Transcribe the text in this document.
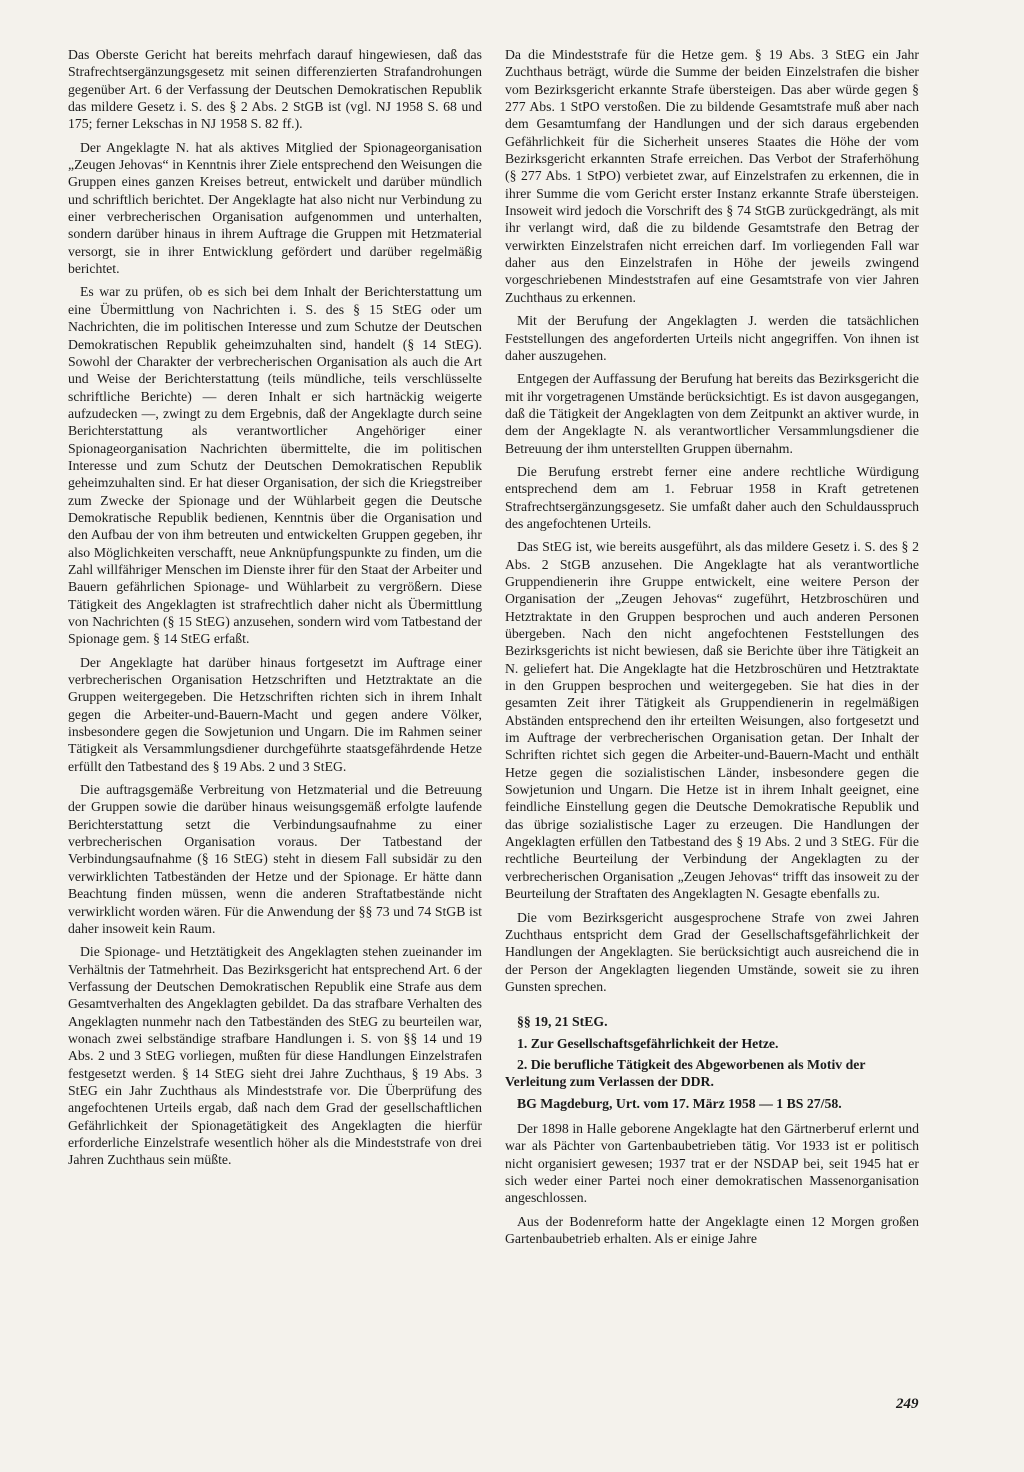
Das Oberste Gericht hat bereits mehrfach darauf hingewiesen, daß das Strafrechtsergänzungsgesetz mit seinen differenzierten Strafandrohungen gegenüber Art. 6 der Verfassung der Deutschen Demokratischen Republik das mildere Gesetz i. S. des § 2 Abs. 2 StGB ist (vgl. NJ 1958 S. 68 und 175; ferner Lekschas in NJ 1958 S. 82 ff.).

Der Angeklagte N. hat als aktives Mitglied der Spionageorganisation „Zeugen Jehovas“ in Kenntnis ihrer Ziele entsprechend den Weisungen die Gruppen eines ganzen Kreises betreut, entwickelt und darüber mündlich und schriftlich berichtet. Der Angeklagte hat also nicht nur Verbindung zu einer verbrecherischen Organisation aufgenommen und unterhalten, sondern darüber hinaus in ihrem Auftrage die Gruppen mit Hetzmaterial versorgt, sie in ihrer Entwicklung gefördert und darüber regelmäßig berichtet.

Es war zu prüfen, ob es sich bei dem Inhalt der Berichterstattung um eine Übermittlung von Nachrichten i. S. des § 15 StEG oder um Nachrichten, die im politischen Interesse und zum Schutze der Deutschen Demokratischen Republik geheimzuhalten sind, handelt (§ 14 StEG). Sowohl der Charakter der verbrecherischen Organisation als auch die Art und Weise der Berichterstattung (teils mündliche, teils verschlüsselte schriftliche Berichte) — deren Inhalt er sich hartnäckig weigerte aufzudecken —, zwingt zu dem Ergebnis, daß der Angeklagte durch seine Berichterstattung als verantwortlicher Angehöriger einer Spionageorganisation Nachrichten übermittelte, die im politischen Interesse und zum Schutz der Deutschen Demokratischen Republik geheimzuhalten sind. Er hat dieser Organisation, der sich die Kriegstreiber zum Zwecke der Spionage und der Wühlarbeit gegen die Deutsche Demokratische Republik bedienen, Kenntnis über die Organisation und den Aufbau der von ihm betreuten und entwickelten Gruppen gegeben, ihr also Möglichkeiten verschafft, neue Anknüpfungspunkte zu finden, um die Zahl willfähriger Menschen im Dienste ihrer für den Staat der Arbeiter und Bauern gefährlichen Spionage- und Wühlarbeit zu vergrößern. Diese Tätigkeit des Angeklagten ist strafrechtlich daher nicht als Übermittlung von Nachrichten (§ 15 StEG) anzusehen, sondern wird vom Tatbestand der Spionage gem. § 14 StEG erfaßt.

Der Angeklagte hat darüber hinaus fortgesetzt im Auftrage einer verbrecherischen Organisation Hetzschriften und Hetztraktate an die Gruppen weitergegeben. Die Hetzschriften richten sich in ihrem Inhalt gegen die Arbeiter-und-Bauern-Macht und gegen andere Völker, insbesondere gegen die Sowjetunion und Ungarn. Die im Rahmen seiner Tätigkeit als Versammlungsdiener durchgeführte staatsgefährdende Hetze erfüllt den Tatbestand des § 19 Abs. 2 und 3 StEG.

Die auftragsgemäße Verbreitung von Hetzmaterial und die Betreuung der Gruppen sowie die darüber hinaus weisungsgemäß erfolgte laufende Berichterstattung setzt die Verbindungsaufnahme zu einer verbrecherischen Organisation voraus. Der Tatbestand der Verbindungsaufnahme (§ 16 StEG) steht in diesem Fall subsidär zu den verwirklichten Tatbeständen der Hetze und der Spionage. Er hätte dann Beachtung finden müssen, wenn die anderen Straftatbestände nicht verwirklicht worden wären. Für die Anwendung der §§ 73 und 74 StGB ist daher insoweit kein Raum.

Die Spionage- und Hetztätigkeit des Angeklagten stehen zueinander im Verhältnis der Tatmehrheit. Das Bezirksgericht hat entsprechend Art. 6 der Verfassung der Deutschen Demokratischen Republik eine Strafe aus dem Gesamtverhalten des Angeklagten gebildet. Da das strafbare Verhalten des Angeklagten nunmehr nach den Tatbeständen des StEG zu beurteilen war, wonach zwei selbständige strafbare Handlungen i. S. von §§ 14 und 19 Abs. 2 und 3 StEG vorliegen, mußten für diese Handlungen Einzelstrafen festgesetzt werden. § 14 StEG sieht drei Jahre Zuchthaus, § 19 Abs. 3 StEG ein Jahr Zuchthaus als Mindeststrafe vor. Die Überprüfung des angefochtenen Urteils ergab, daß nach dem Grad der gesellschaftlichen Gefährlichkeit der Spionagetätigkeit des Angeklagten die hierfür erforderliche Einzelstrafe wesentlich höher als die Mindeststrafe von drei Jahren Zuchthaus sein müßte.

Da die Mindeststrafe für die Hetze gem. § 19 Abs. 3 StEG ein Jahr Zuchthaus beträgt, würde die Summe der beiden Einzelstrafen die bisher vom Bezirksgericht erkannte Strafe übersteigen. Das aber würde gegen § 277 Abs. 1 StPO verstoßen. Die zu bildende Gesamtstrafe muß aber nach dem Gesamtumfang der Handlungen und der sich daraus ergebenden Gefährlichkeit für die Sicherheit unseres Staates die Höhe der vom Bezirksgericht erkannten Strafe erreichen. Das Verbot der Straferhöhung (§ 277 Abs. 1 StPO) verbietet zwar, auf Einzelstrafen zu erkennen, die in ihrer Summe die vom Gericht erster Instanz erkannte Strafe übersteigen. Insoweit wird jedoch die Vorschrift des § 74 StGB zurückgedrängt, als mit ihr verlangt wird, daß die zu bildende Gesamtstrafe den Betrag der verwirkten Einzelstrafen nicht erreichen darf. Im vorliegenden Fall war daher aus den Einzelstrafen in Höhe der jeweils zwingend vorgeschriebenen Mindeststrafen auf eine Gesamtstrafe von vier Jahren Zuchthaus zu erkennen.

Mit der Berufung der Angeklagten J. werden die tatsächlichen Feststellungen des angeforderten Urteils nicht angegriffen. Von ihnen ist daher auszugehen.

Entgegen der Auffassung der Berufung hat bereits das Bezirksgericht die mit ihr vorgetragenen Umstände berücksichtigt. Es ist davon ausgegangen, daß die Tätigkeit der Angeklagten von dem Zeitpunkt an aktiver wurde, in dem der Angeklagte N. als verantwortlicher Versammlungsdiener die Betreuung der ihm unterstellten Gruppen übernahm.

Die Berufung erstrebt ferner eine andere rechtliche Würdigung entsprechend dem am 1. Februar 1958 in Kraft getretenen Strafrechtsergänzungsgesetz. Sie umfaßt daher auch den Schuldausspruch des angefochtenen Urteils.

Das StEG ist, wie bereits ausgeführt, als das mildere Gesetz i. S. des § 2 Abs. 2 StGB anzusehen. Die Angeklagte hat als verantwortliche Gruppendienerin ihre Gruppe entwickelt, eine weitere Person der Organisation der „Zeugen Jehovas“ zugeführt, Hetzbroschüren und Hetztraktate in den Gruppen besprochen und auch anderen Personen übergeben. Nach den nicht angefochtenen Feststellungen des Bezirksgerichts ist nicht bewiesen, daß sie Berichte über ihre Tätigkeit an N. geliefert hat. Die Angeklagte hat die Hetzbroschüren und Hetztraktate in den Gruppen besprochen und weitergegeben. Sie hat dies in der gesamten Zeit ihrer Tätigkeit als Gruppendienerin in regelmäßigen Abständen entsprechend den ihr erteilten Weisungen, also fortgesetzt und im Auftrage der verbrecherischen Organisation getan. Der Inhalt der Schriften richtet sich gegen die Arbeiter-und-Bauern-Macht und enthält Hetze gegen die sozialistischen Länder, insbesondere gegen die Sowjetunion und Ungarn. Die Hetze ist in ihrem Inhalt geeignet, eine feindliche Einstellung gegen die Deutsche Demokratische Republik und das übrige sozialistische Lager zu erzeugen. Die Handlungen der Angeklagten erfüllen den Tatbestand des § 19 Abs. 2 und 3 StEG. Für die rechtliche Beurteilung der Verbindung der Angeklagten zu der verbrecherischen Organisation „Zeugen Jehovas“ trifft das insoweit zu der Beurteilung der Straftaten des Angeklagten N. Gesagte ebenfalls zu.

Die vom Bezirksgericht ausgesprochene Strafe von zwei Jahren Zuchthaus entspricht dem Grad der Gesellschaftsgefährlichkeit der Handlungen der Angeklagten. Sie berücksichtigt auch ausreichend die in der Person der Angeklagten liegenden Umstände, soweit sie zu ihren Gunsten sprechen.

§§ 19, 21 StEG.
1. Zur Gesellschaftsgefährlichkeit der Hetze.
2. Die berufliche Tätigkeit des Abgeworbenen als Motiv der Verleitung zum Verlassen der DDR.
BG Magdeburg, Urt. vom 17. März 1958 — 1 BS 27/58.

Der 1898 in Halle geborene Angeklagte hat den Gärtnerberuf erlernt und war als Pächter von Gartenbaubetrieben tätig. Vor 1933 ist er politisch nicht organisiert gewesen; 1937 trat er der NSDAP bei, seit 1945 hat er sich weder einer Partei noch einer demokratischen Massenorganisation angeschlossen.

Aus der Bodenreform hatte der Angeklagte einen 12 Morgen großen Gartenbaubetrieb erhalten. Als er einige Jahre

249
